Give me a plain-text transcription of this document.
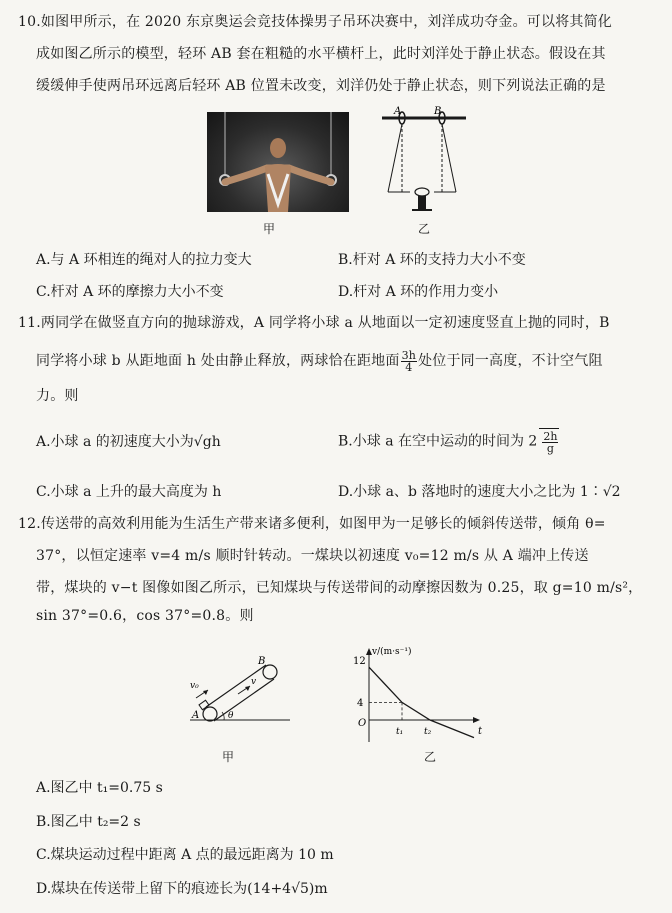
10.如图甲所示，在 2020 东京奥运会竞技体操男子吊环决赛中，刘洋成功夺金。可以将其简化
成如图乙所示的模型，轻环 AB 套在粗糙的水平横杆上，此时刘洋处于静止状态。假设在其
缓缓伸手使两吊环远离后轻环 AB 位置未改变，刘洋仍处于静止状态，则下列说法正确的是
甲
A	B
乙
A.与 A 环相连的绳对人的拉力变大	B.杆对 A 环的支持力大小不变
C.杆对 A 环的摩擦力大小不变	D.杆对 A 环的作用力变小
11.两同学在做竖直方向的抛球游戏，A 同学将小球 a 从地面以一定初速度竖直上抛的同时，B
同学将小球 b 从距地面 h 处由静止释放，两球恰在距地面 $\frac{3h}{4}$ 处位于同一高度，不计空气阻
力。则
A.小球 a 的初速度大小为√gh	B.小球 a 在空中运动的时间为 $2 \frac{2h}{g}$
C.小球 a 上升的最大高度为 h	D.小球 a、b 落地时的速度大小之比为 1∶√2
12.传送带的高效利用能为生活生产带来诸多便利，如图甲为一足够长的倾斜传送带，倾角 θ=
37°，以恒定速率 v=4 m/s 顺时针转动。一煤块以初速度 v₀=12 m/s 从 A 端冲上传送
带，煤块的 v−t 图像如图乙所示，已知煤块与传送带间的动摩擦因数为 0.25，取 g=10 m/s²，
sin 37°=0.6，cos 37°=0.8。则
B
A
v
v₀
θ
甲
v/(m·s⁻¹)
t
12
4
O
t₁ t₂
乙
A.图乙中 t₁=0.75 s
B.图乙中 t₂=2 s
C.煤块运动过程中距离 A 点的最远距离为 10 m
D.煤块在传送带上留下的痕迹长为(14+4√5)m
